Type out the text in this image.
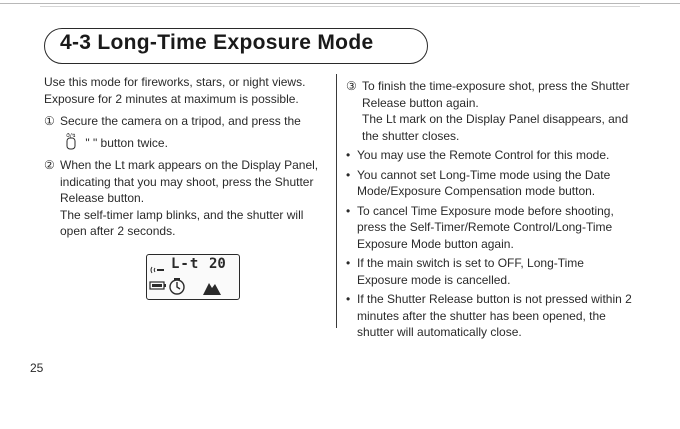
4-3 Long-Time Exposure Mode

Use this mode for fireworks, stars, or night views.

Exposure for 2 minutes at maximum is possible.

① Secure the camera on a tripod, and press the

⏱/↯ " " button twice.

② When the Lt mark appears on the Display Panel, indicating that you may shoot, press the Shutter Release button.

The self-timer lamp blinks, and the shutter will open after 2 seconds.

L-t 20
③ To finish the time-exposure shot, press the Shutter Release button again.

The Lt mark on the Display Panel disappears, and the shutter closes.

• You may use the Remote Control for this mode.
• You cannot set Long-Time mode using the Date Mode/Exposure Compensation mode button.
• To cancel Time Exposure mode before shooting, press the Self-Timer/Remote Control/Long-Time Exposure Mode button again.
• If the main switch is set to OFF, Long-Time Exposure mode is cancelled.
• If the Shutter Release button is not pressed within 2 minutes after the shutter has been opened, the shutter will automatically close.
25
